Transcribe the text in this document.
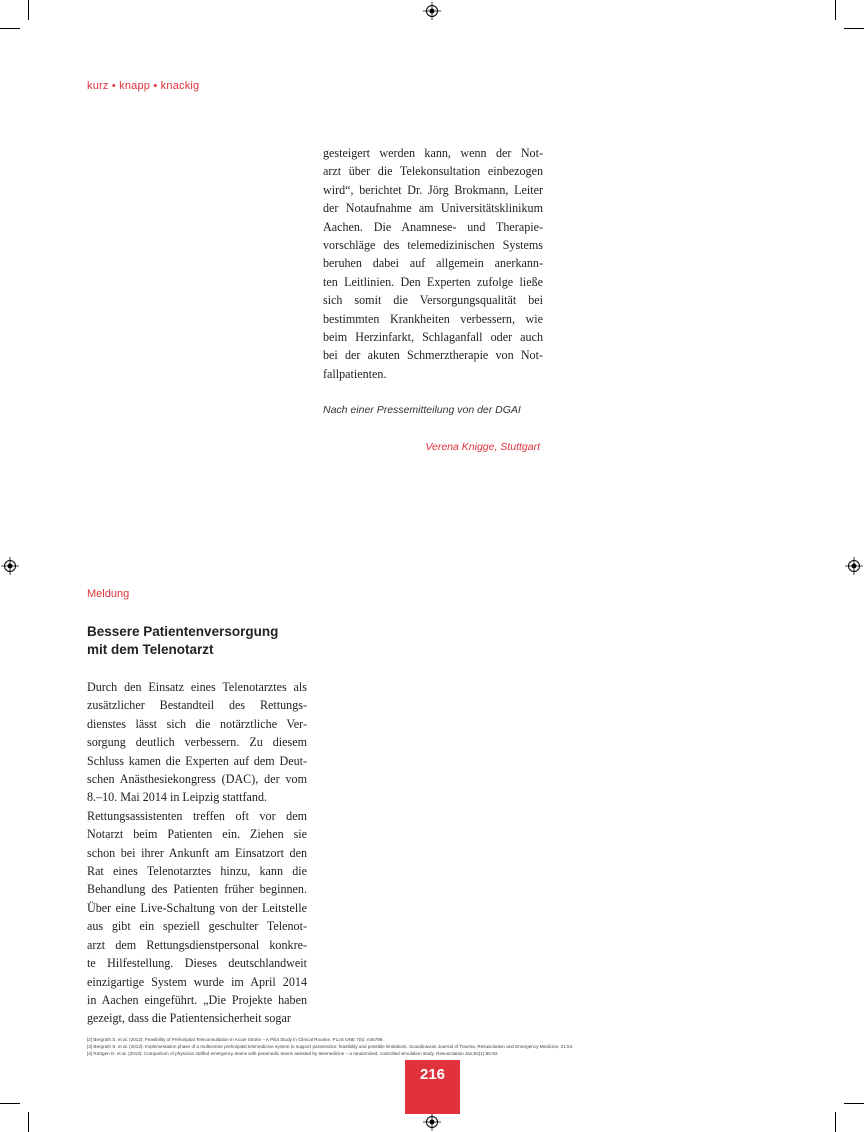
kurz • knapp • knackig
gesteigert werden kann, wenn der Not-
arzt über die Telekonsultation einbezogen
wird“, berichtet Dr. Jörg Brokmann, Leiter
der Notaufnahme am Universitätsklinikum
Aachen. Die Anamnese- und Therapie-
vorschläge des telemedizinischen Systems
beruhen dabei auf allgemein anerkann-
ten Leitlinien. Den Experten zufolge ließe
sich somit die Versorgungsqualität bei
bestimmten Krankheiten verbessern, wie
beim Herzinfarkt, Schlaganfall oder auch
bei der akuten Schmerztherapie von Not-
fallpatienten.
Nach einer Pressemitteilung von der DGAI
Verena Knigge, Stuttgart
Meldung
Bessere Patientenversorgung
mit dem Telenotarzt
Durch den Einsatz eines Telenotarztes als
zusätzlicher Bestandteil des Rettungs-
dienstes lässt sich die notärztliche Ver-
sorgung deutlich verbessern. Zu diesem
Schluss kamen die Experten auf dem Deut-
schen Anästhesiekongress (DAC), der vom
8.–10. Mai 2014 in Leipzig stattfand.
Rettungsassistenten treffen oft vor dem
Notarzt beim Patienten ein. Ziehen sie
schon bei ihrer Ankunft am Einsatzort den
Rat eines Telenotarztes hinzu, kann die
Behandlung des Patienten früher beginnen.
Über eine Live-Schaltung von der Leitstelle
aus gibt ein speziell geschulter Telenot-
arzt dem Rettungsdienstpersonal konkre-
te Hilfestellung. Dieses deutschlandweit
einzigartige System wurde im April 2014
in Aachen eingeführt. „Die Projekte haben
gezeigt, dass die Patientensicherheit sogar
[2] Bergrath S. et al. (2012): Feasibility of Prehospital Teleconsultation in Acute Stroke – A Pilot Study in Clinical Routine. PLoS ONE 7(5): e36796.
[3] Bergrath S. et al. (2013): Implementation phase of a multicentre prehospital telemedicine system to support paramedics: feasibility and possible limitations. Scandinavian Journal of Trauma, Resuscitation and Emergency Medicine, 21:54.
[4] Rörtgen D. et al. (2013): Comparison of physician staffed emergency teams with paramedic teams assisted by telemedicine – a randomized, controlled simulation study. Resuscitation Jan;84(1):85-92.
216
